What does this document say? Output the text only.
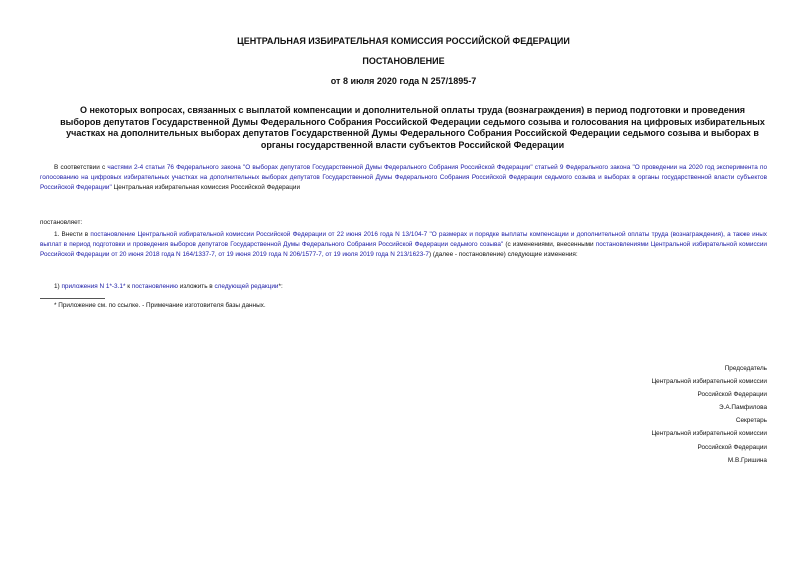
ЦЕНТРАЛЬНАЯ ИЗБИРАТЕЛЬНАЯ КОМИССИЯ РОССИЙСКОЙ ФЕДЕРАЦИИ
ПОСТАНОВЛЕНИЕ
от 8 июля 2020 года N 257/1895-7
О некоторых вопросах, связанных с выплатой компенсации и дополнительной оплаты труда (вознаграждения) в период подготовки и проведения выборов депутатов Государственной Думы Федерального Собрания Российской Федерации седьмого созыва и голосования на цифровых избирательных участках на дополнительных выборах депутатов Государственной Думы Федерального Собрания Российской Федерации седьмого созыва и выборах в органы государственной власти субъектов Российской Федерации
В соответствии с частями 2-4 статьи 76 Федерального закона "О выборах депутатов Государственной Думы Федерального Собрания Российской Федерации" статьей 9 Федерального закона "О проведении на 2020 год эксперимента по голосованию на цифровых избирательных участках на дополнительных выборах депутатов Государственной Думы Федерального Собрания Российской Федерации седьмого созыва и выборах в органы государственной власти субъектов Российской Федерации" Центральная избирательная комиссия Российской Федерации
постановляет:
1. Внести в постановление Центральной избирательной комиссии Российской Федерации от 22 июня 2016 года N 13/104-7 "О размерах и порядке выплаты компенсации и дополнительной оплаты труда (вознаграждения), а также иных выплат в период подготовки и проведения выборов депутатов Государственной Думы Федерального Собрания Российской Федерации седьмого созыва" (с изменениями, внесенными постановлениями Центральной избирательной комиссии Российской Федерации от 20 июня 2018 года N 164/1337-7, от 19 июня 2019 года N 206/1577-7, от 19 июля 2019 года N 213/1623-7) (далее - постановление) следующие изменения:
1) приложения N 1*-3.1* к постановлению изложить в следующей редакции*:
* Приложение см. по ссылке. - Примечание изготовителя базы данных.
Председатель
Центральной избирательной комиссии
Российской Федерации
Э.А.Памфилова
Секретарь
Центральной избирательной комиссии
Российской Федерации
М.В.Гришина
